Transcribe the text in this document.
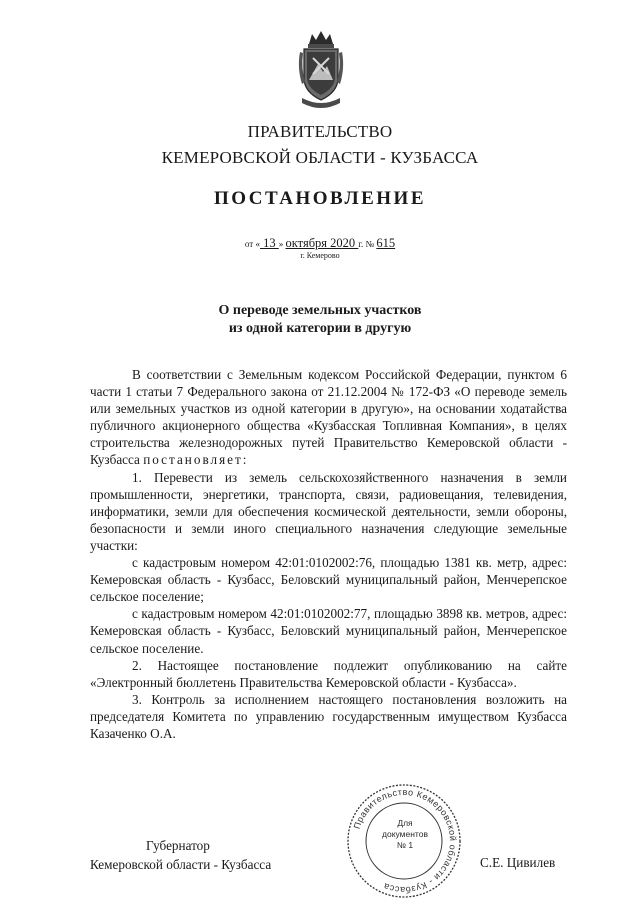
ПРАВИТЕЛЬСТВО
КЕМЕРОВСКОЙ ОБЛАСТИ - КУЗБАССА
ПОСТАНОВЛЕНИЕ
от « 13 » октября 2020 г. № 615
г. Кемерово
О переводе земельных участков
из одной категории в другую

В соответствии с Земельным кодексом Российской Федерации, пунктом 6 части 1 статьи 7 Федерального закона от 21.12.2004 № 172-ФЗ «О переводе земель или земельных участков из одной категории в другую», на основании ходатайства публичного акционерного общества «Кузбасская Топливная Компания», в целях строительства железнодорожных путей Правительство Кемеровской области - Кузбасса постановляет:

1. Перевести из земель сельскохозяйственного назначения в земли промышленности, энергетики, транспорта, связи, радиовещания, телевидения, информатики, земли для обеспечения космической деятельности, земли обороны, безопасности и земли иного специального назначения следующие земельные участки:

с кадастровым номером 42:01:0102002:76, площадью 1381 кв. метр, адрес: Кемеровская область - Кузбасс, Беловский муниципальный район, Менчерепское сельское поселение;

с кадастровым номером 42:01:0102002:77, площадью 3898 кв. метров, адрес: Кемеровская область - Кузбасс, Беловский муниципальный район, Менчерепское сельское поселение.

2. Настоящее постановление подлежит опубликованию на сайте «Электронный бюллетень Правительства Кемеровской области - Кузбасса».

3. Контроль за исполнением настоящего постановления возложить на председателя Комитета по управлению государственным имуществом Кузбасса Казаченко О.А.

Губернатор
Кемеровской области - Кузбасса
Правительство Кемеровской области - Кузбасса
Для
документов
№ 1
С.Е. Цивилев
